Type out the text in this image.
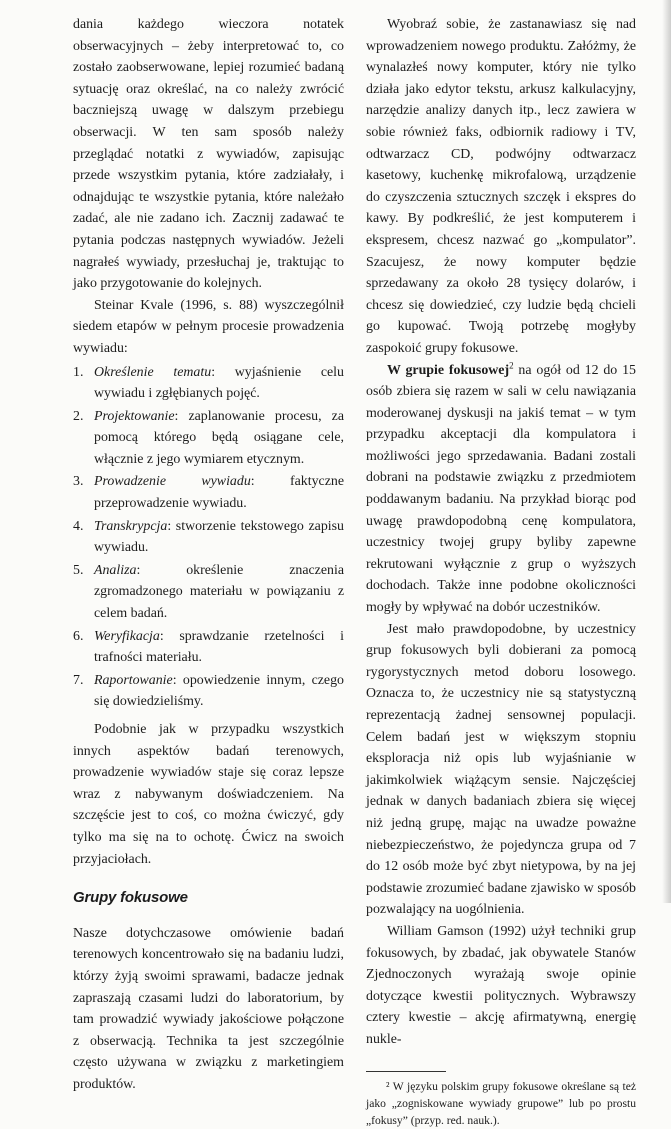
dania każdego wieczora notatek obserwacyjnych – żeby interpretować to, co zostało zaobserwowane, lepiej rozumieć badaną sytuację oraz określać, na co należy zwrócić baczniejszą uwagę w dalszym przebiegu obserwacji. W ten sam sposób należy przeglądać notatki z wywiadów, zapisując przede wszystkim pytania, które zadziałały, i odnajdując te wszystkie pytania, które należało zadać, ale nie zadano ich. Zacznij zadawać te pytania podczas następnych wywiadów. Jeżeli nagrałeś wywiady, przesłuchaj je, traktując to jako przygotowanie do kolejnych.

Steinar Kvale (1996, s. 88) wyszczególnił siedem etapów w pełnym procesie prowadzenia wywiadu:

1. Określenie tematu: wyjaśnienie celu wywiadu i zgłębianych pojęć.
2. Projektowanie: zaplanowanie procesu, za pomocą którego będą osiągane cele, włącznie z jego wymiarem etycznym.
3. Prowadzenie wywiadu: faktyczne przeprowadzenie wywiadu.
4. Transkrypcja: stworzenie tekstowego zapisu wywiadu.
5. Analiza: określenie znaczenia zgromadzonego materiału w powiązaniu z celem badań.
6. Weryfikacja: sprawdzanie rzetelności i trafności materiału.
7. Raportowanie: opowiedzenie innym, czego się dowiedzieliśmy.

Podobnie jak w przypadku wszystkich innych aspektów badań terenowych, prowadzenie wywiadów staje się coraz lepsze wraz z nabywanym doświadczeniem. Na szczęście jest to coś, co można ćwiczyć, gdy tylko ma się na to ochotę. Ćwicz na swoich przyjaciołach.

Grupy fokusowe

Nasze dotychczasowe omówienie badań terenowych koncentrowało się na badaniu ludzi, którzy żyją swoimi sprawami, badacze jednak zapraszają czasami ludzi do laboratorium, by tam prowadzić wywiady jakościowe połączone z obserwacją. Technika ta jest szczególnie często używana w związku z marketingiem produktów.

Wyobraź sobie, że zastanawiasz się nad wprowadzeniem nowego produktu. Załóżmy, że wynalazłeś nowy komputer, który nie tylko działa jako edytor tekstu, arkusz kalkulacyjny, narzędzie analizy danych itp., lecz zawiera w sobie również faks, odbiornik radiowy i TV, odtwarzacz CD, podwójny odtwarzacz kasetowy, kuchenkę mikrofalową, urządzenie do czyszczenia sztucznych szczęk i ekspres do kawy. By podkreślić, że jest komputerem i ekspresem, chcesz nazwać go „kompulator”. Szacujesz, że nowy komputer będzie sprzedawany za około 28 tysięcy dolarów, i chcesz się dowiedzieć, czy ludzie będą chcieli go kupować. Twoją potrzebę mogłyby zaspokoić grupy fokusowe.

W grupie fokusowej$^2$ na ogół od 12 do 15 osób zbiera się razem w sali w celu nawiązania moderowanej dyskusji na jakiś temat – w tym przypadku akceptacji dla kompulatora i możliwości jego sprzedawania. Badani zostali dobrani na podstawie związku z przedmiotem poddawanym badaniu. Na przykład biorąc pod uwagę prawdopodobną cenę kompulatora, uczestnicy twojej grupy byliby zapewne rekrutowani wyłącznie z grup o wyższych dochodach. Także inne podobne okoliczności mogły by wpływać na dobór uczestników.

Jest mało prawdopodobne, by uczestnicy grup fokusowych byli dobierani za pomocą rygorystycznych metod doboru losowego. Oznacza to, że uczestnicy nie są statystyczną reprezentacją żadnej sensownej populacji. Celem badań jest w większym stopniu eksploracja niż opis lub wyjaśnianie w jakimkolwiek wiążącym sensie. Najczęściej jednak w danych badaniach zbiera się więcej niż jedną grupę, mając na uwadze poważne niebezpieczeństwo, że pojedyncza grupa od 7 do 12 osób może być zbyt nietypowa, by na jej podstawie zrozumieć badane zjawisko w sposób pozwalający na uogólnienia.

William Gamson (1992) użył techniki grup fokusowych, by zbadać, jak obywatele Stanów Zjednoczonych wyrażają swoje opinie dotyczące kwestii politycznych. Wybrawszy cztery kwestie – akcję afirmatywną, energię nukle-

² W języku polskim grupy fokusowe określane są też jako „zogniskowane wywiady grupowe” lub po prostu „fokusy” (przyp. red. nauk.).
